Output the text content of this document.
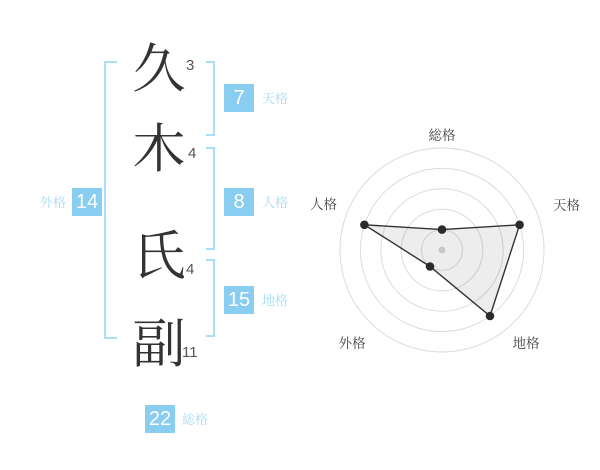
久
木
氏
副
3
4
4
11
7	天格
8	人格
15 地格
14
外格
22 総格
総格
天格
地格
外格
人格
